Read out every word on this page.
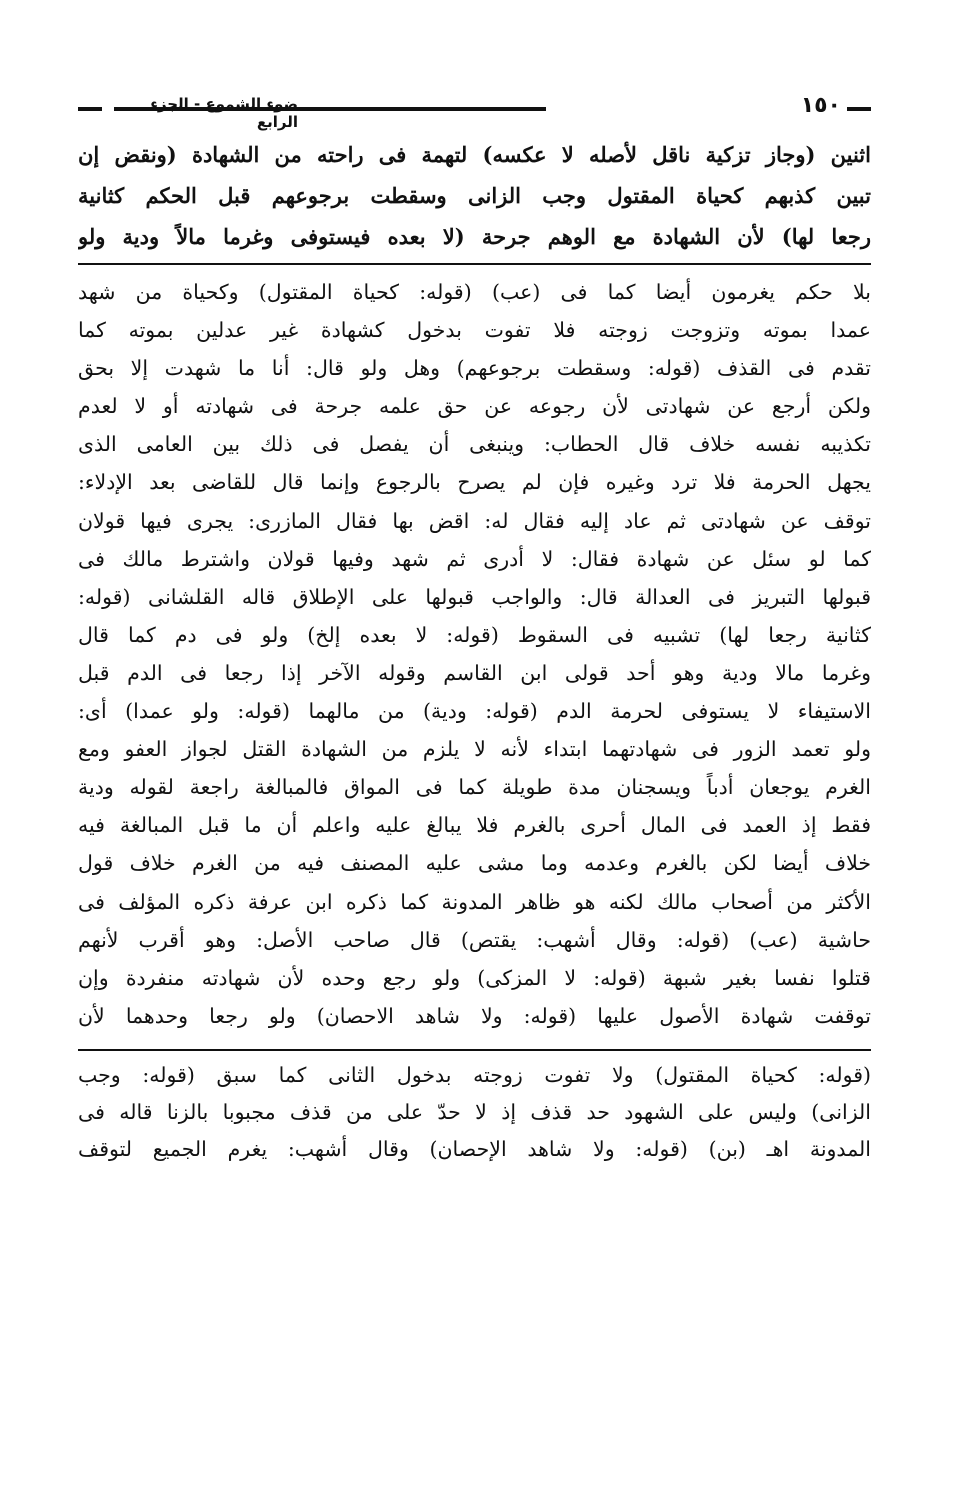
١٥٠
ضوء الشموع - الجزء الرابع
اثنين (وجاز تزكية ناقل لأصله لا عكسه) لتهمة فى راحته من الشهادة (ونقض إن
تبين كذبهم كحياة المقتول وجب الزانى وسقطت برجوعهم قبل الحكم كثانية
رجعا لها) لأن الشهادة مع الوهم جرحة (لا بعده فيستوفى وغرما مالاً ودية ولو
بلا حكم يغرمون أيضا كما فى (عب) (قوله: كحياة المقتول) وكحياة من شهد
عمدا بموته وتزوجت زوجته فلا تفوت بدخول كشهادة غير عدلين بموته كما
تقدم فى القذف (قوله: وسقطت برجوعهم) وهل ولو قال: أنا ما شهدت إلا بحق
ولكن أرجع عن شهادتى لأن رجوعه عن حق علمه جرحة فى شهادته أو لا لعدم
تكذيبه نفسه خلاف قال الحطاب: وينبغى أن يفصل فى ذلك بين العامى الذى
يجهل الحرمة فلا ترد وغيره فإن لم يصرح بالرجوع وإنما قال للقاضى بعد الإدلاء:
توقف عن شهادتى ثم عاد إليه فقال له: اقض بها فقال المازرى: يجرى فيها قولان
كما لو سئل عن شهادة فقال: لا أدرى ثم شهد وفيها قولان واشترط مالك فى
قبولها التبريز فى العدالة قال: والواجب قبولها على الإطلاق قاله القلشانى (قوله:
كثانية رجعا لها) تشبيه فى السقوط (قوله: لا بعده إلخ) ولو فى دم كما قال
وغرما مالا ودية وهو أحد قولى ابن القاسم وقوله الآخر إذا رجعا فى الدم قبل
الاستيفاء لا يستوفى لحرمة الدم (قوله: ودية) من مالهما (قوله: ولو عمدا) أى:
ولو تعمد الزور فى شهادتهما ابتداء لأنه لا يلزم من الشهادة القتل لجواز العفو ومع
الغرم يوجعان أدباً ويسجنان مدة طويلة كما فى المواق فالمبالغة راجعة لقوله ودية
فقط إذ العمد فى المال أحرى بالغرم فلا يبالغ عليه واعلم أن ما قبل المبالغة فيه
خلاف أيضا لكن بالغرم وعدمه وما مشى عليه المصنف فيه من الغرم خلاف قول
الأكثر من أصحاب مالك لكنه هو ظاهر المدونة كما ذكره ابن عرفة ذكره المؤلف فى
حاشية (عب) (قوله: وقال أشهب: يقتص) قال صاحب الأصل: وهو أقرب لأنهم
قتلوا نفسا بغير شبهة (قوله: لا المزكى) ولو رجع وحده لأن شهادته منفردة وإن
توقفت شهادة الأصول عليها (قوله: ولا شاهد الاحصان) ولو رجعا وحدهما لأن
(قوله: كحياة المقتول) ولا تفوت زوجته بدخول الثانى كما سبق (قوله: وجب
الزانى) وليس على الشهود حد قذف إذ لا حدّ على من قذف مجبوبا بالزنا قاله فى
المدونة اهـ (بن) (قوله: ولا شاهد الإحصان) وقال أشهب: يغرم الجميع لتوقف
